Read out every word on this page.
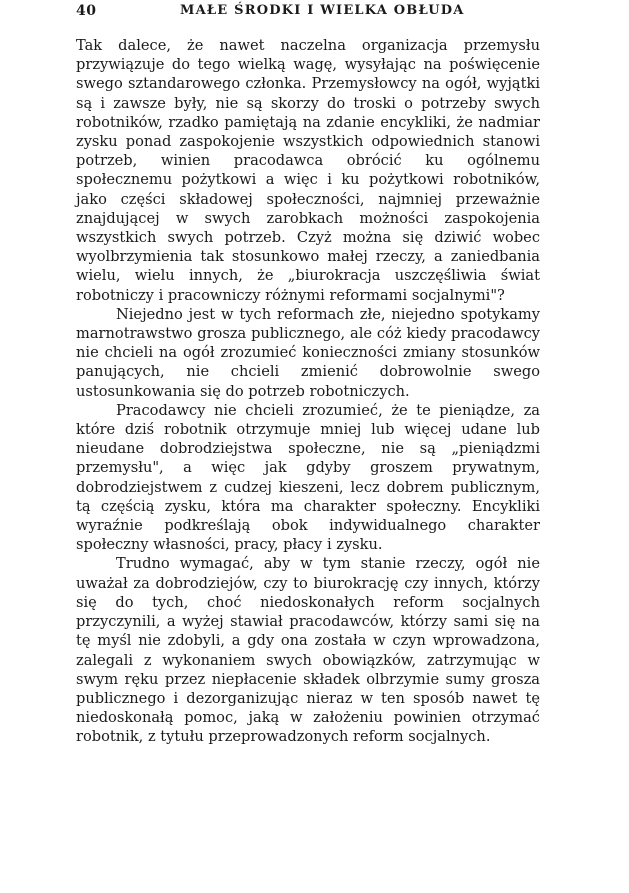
40	MAŁE ŚRODKI I WIELKA OBŁUDA

Tak dalece, że nawet naczelna organizacja przemysłu przywiązuje do tego wielką wagę, wysyłając na poświęcenie swego sztandarowego członka. Przemysłowcy na ogół, wyjątki są i zawsze były, nie są skorzy do troski o potrzeby swych robotników, rzadko pamiętają na zdanie encykliki, że nadmiar zysku ponad zaspokojenie wszystkich odpowiednich stanowi potrzeb, winien pracodawca obrócić ku ogólnemu społecznemu pożytkowi a więc i ku pożytkowi robotników, jako części składowej społeczności, najmniej przeważnie znajdującej w swych zarobkach możności zaspokojenia wszystkich swych potrzeb. Czyż można się dziwić wobec wyolbrzymienia tak stosunkowo małej rzeczy, a zaniedbania wielu, wielu innych, że „biurokracja uszczęśliwia świat robotniczy i pracowniczy różnymi reformami socjalnymi"?

Niejedno jest w tych reformach złe, niejedno spotykamy marnotrawstwo grosza publicznego, ale cóż kiedy pracodawcy nie chcieli na ogół zrozumieć konieczności zmiany stosunków panujących, nie chcieli zmienić dobrowolnie swego ustosunkowania się do potrzeb robotniczych.

Pracodawcy nie chcieli zrozumieć, że te pieniądze, za które dziś robotnik otrzymuje mniej lub więcej udane lub nieudane dobrodziejstwa społeczne, nie są „pieniądzmi przemysłu", a więc jak gdyby groszem prywatnym, dobrodziejstwem z cudzej kieszeni, lecz dobrem publicznym, tą częścią zysku, która ma charakter społeczny. Encykliki wyraźnie podkreślają obok indywidualnego charakter społeczny własności, pracy, płacy i zysku.

Trudno wymagać, aby w tym stanie rzeczy, ogół nie uważał za dobrodziejów, czy to biurokrację czy innych, którzy się do tych, choć niedoskonałych reform socjalnych przyczynili, a wyżej stawiał pracodawców, którzy sami się na tę myśl nie zdobyli, a gdy ona została w czyn wprowadzona, zalegali z wykonaniem swych obowiązków, zatrzymując w swym ręku przez niepłacenie składek olbrzymie sumy grosza publicznego i dezorganizując nieraz w ten sposób nawet tę niedoskonałą pomoc, jaką w założeniu powinien otrzymać robotnik, z tytułu przeprowadzonych reform socjalnych.
